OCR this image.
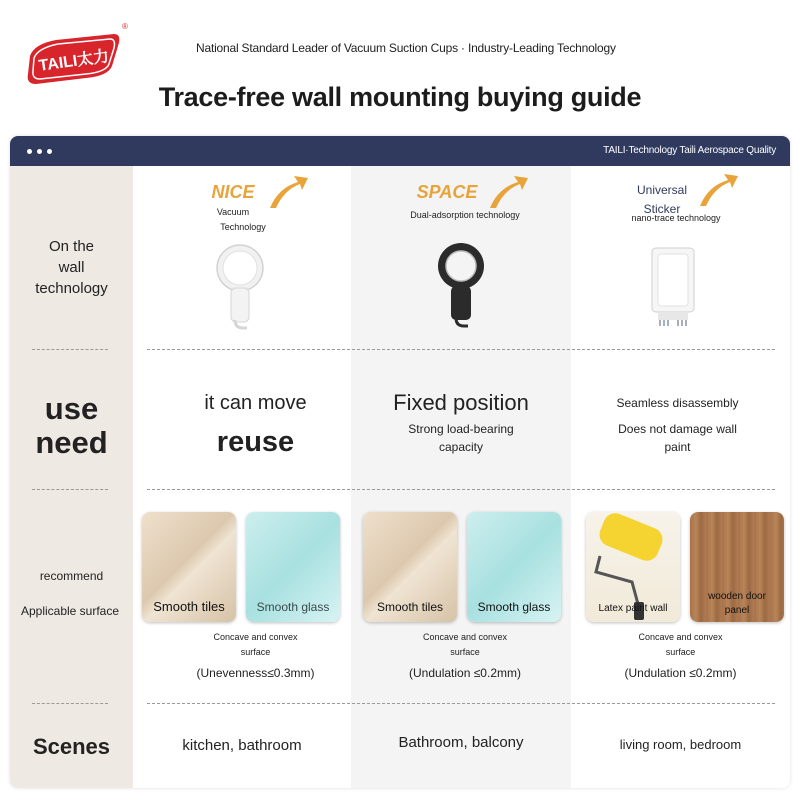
TAILI太力
®
National Standard Leader of Vacuum Suction Cups · Industry-Leading Technology
Trace-free wall mounting buying guide
TAILI·Technology Taili Aerospace Quality
On the
wall
technology
use
need
recommend
Applicable surface
Scenes
NICE
Vacuum
Technology
it can move
reuse
Smooth tiles	Smooth glass
Concave and convex
surface
(Unevenness≤0.3mm)
kitchen, bathroom
SPACE
Dual-adsorption technology
Fixed position
Strong load-bearing
capacity
Smooth tiles	Smooth glass
Concave and convex
surface
(Undulation ≤0.2mm)
Bathroom, balcony
Universal
Sticker
nano-trace technology
Seamless disassembly
Does not damage wall
paint
Latex paint wall
wooden door
panel
Concave and convex
surface
(Undulation ≤0.2mm)
living room, bedroom
